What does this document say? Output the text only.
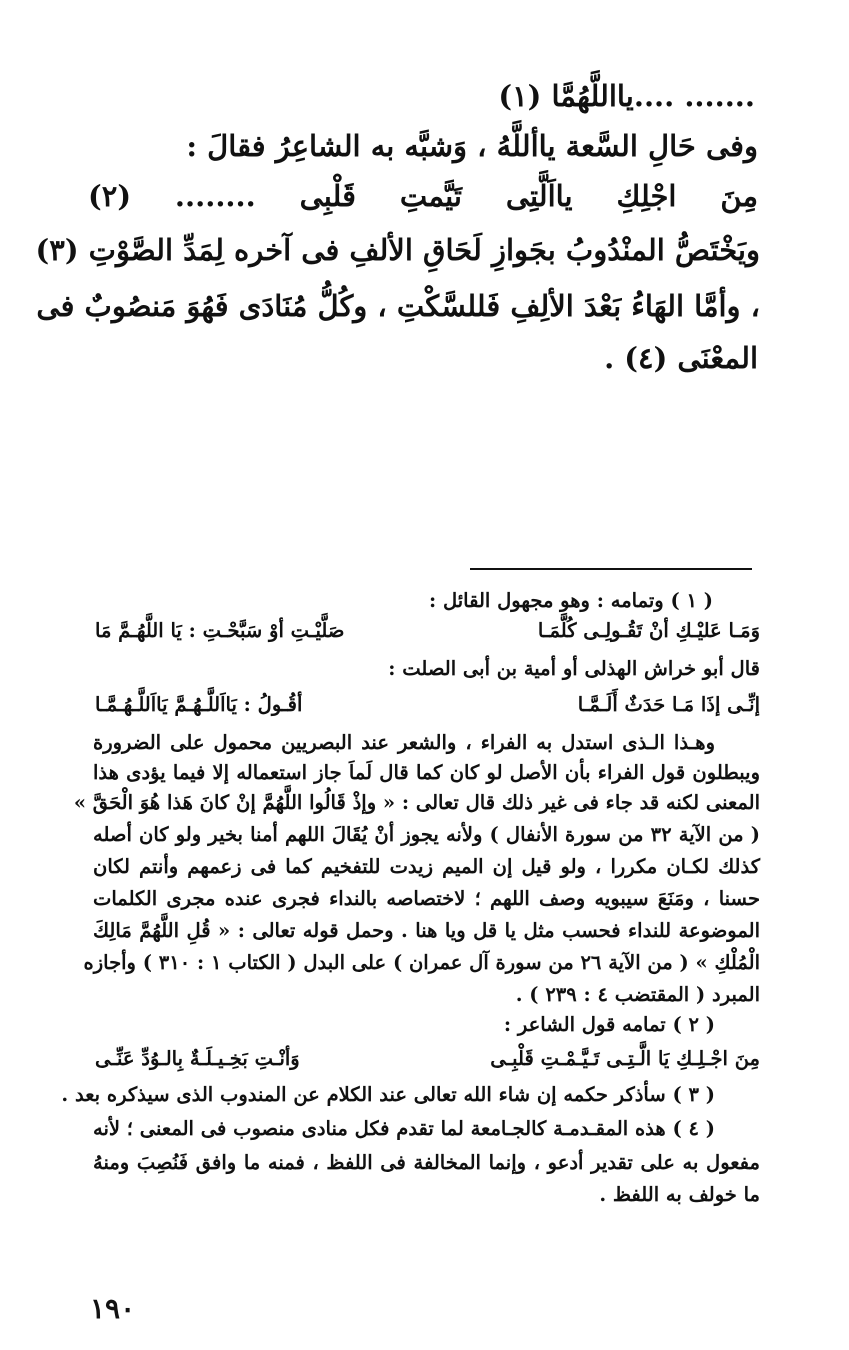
....... ....يااللَّهُمَّا (١)
وفى حَالِ السَّعة ياأللَّهُ ، وَشبَّه به الشاعِرُ فقالَ :
مِنَ اجْلِكِ يااَلَّتِى تَيَّمتِ قَلْبِى ........ (٢)
ويَخْتَصُّ المنْدُوبُ بجَوازِ لَحَاقِ الألفِ فى آخره لِمَدِّ الصَّوْتِ (٣)
، وأمَّا الهَاءُ بَعْدَ الألِفِ فَللسَّكْتِ ، وكُلُّ مُنَادَى فَهُوَ مَنصُوبٌ فى
المعْنَى (٤) .
( ١ ) وتمامه : وهو مجهول القائل :
وَمَـا عَليْـكِ أنْ تَقُـولِـى كُلَّمَـا
صَلَّيْـتِ أوْ سَبَّحْـتِ : يَا اللَّهُـمَّ مَا
قال أبو خراش الهذلى أو أمية بن أبى الصلت :
إنِّـى إذَا مَـا حَدَثٌ أَلَـمَّـا
أقُـولُ : يَااَللَّـهُـمَّ يَااَللَّـهُـمَّـا
وهـذا الـذى استدل به الفراء ، والشعر عند البصريين محمول على الضرورة
ويبطلون قول الفراء بأن الأصل لو كان كما قال لَماَ جاز استعماله إلا فيما يؤدى هذا
المعنى لكنه قد جاء فى غير ذلك قال تعالى : « وإذْ قَالُوا اللَّهُمَّ إنْ كانَ هَذا هُوَ الْحَقَّ »
( من الآية ٣٢ من سورة الأنفال ) ولأنه يجوز أنْ يُقَالَ اللهم أمنا بخير ولو كان أصله
كذلك لكـان مكررا ، ولو قيل إن الميم زيدت للتفخيم كما فى زعمهم وأنتم لكان
حسنا ، ومَنَعَ سيبويه وصف اللهم ؛ لاختصاصه بالنداء فجرى عنده مجرى الكلمات
الموضوعة للنداء فحسب مثل يا قل ويا هنا . وحمل قوله تعالى : « قُلِ اللَّهُمَّ مَالِكَ
الْمُلْكِ » ( من الآية ٢٦ من سورة آل عمران ) على البدل ( الكتاب ١ : ٣١٠ ) وأجازه
المبرد ( المقتضب ٤ : ٢٣٩ ) .
( ٢ ) تمامه قول الشاعر :
مِنَ اجْـلِـكِ يَا الَّـتِـى تَـيَّـمْـتِ قَلْبِـى
وَأنْـتِ بَخِـيـلَـةٌ بِالـوُدِّ عَنِّـى
( ٣ ) سأذكر حكمه إن شاء الله تعالى عند الكلام عن المندوب الذى سيذكره بعد .
( ٤ ) هذه المقـدمـة كالجـامعة لما تقدم فكل منادى منصوب فى المعنى ؛ لأنه
مفعول به على تقدير أدعو ، وإنما المخالفة فى اللفظ ، فمنه ما وافق فَنُصِبَ ومنهُ
ما خولف به اللفظ .
١٩٠
